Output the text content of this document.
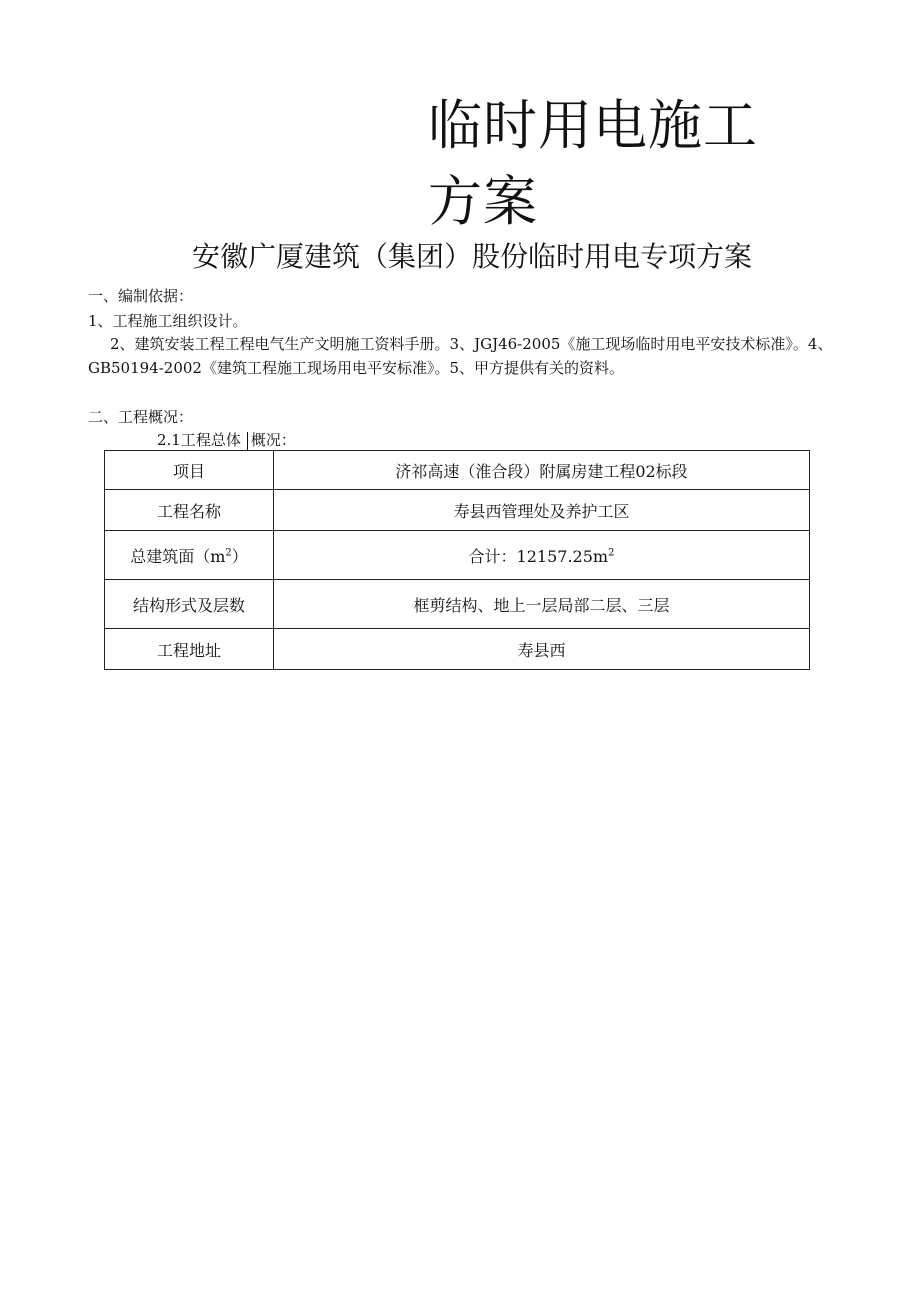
临时用电施工
方案
安徽广厦建筑（集团）股份临时用电专项方案
一、编制依据：
1、工程施工组织设计。
2、建筑安装工程工程电气生产文明施工资料手册。3、JGJ46-2005《施工现场临时用电平安技术标准》。4、GB50194-2002《建筑工程施工现场用电平安标准》。5、甲方提供有关的资料。
二、工程概况：
2.1工程总体 概况：
项目	济祁高速（淮合段）附属房建工程02标段
工程名称	寿县西管理处及养护工区
总建筑面$(m^2)$	合计：$12157.25m^2$
结构形式及层数	框剪结构、地上一层局部二层、三层
工程地址	寿县西
